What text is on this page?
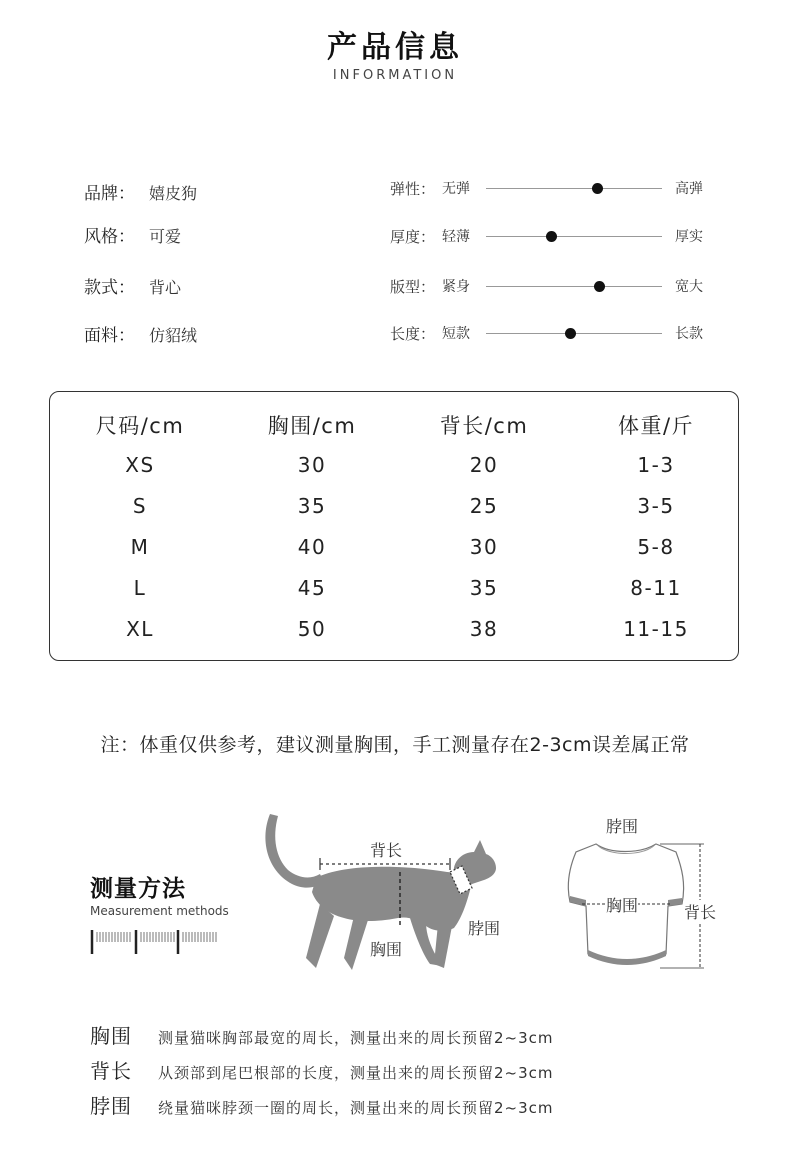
产品信息
INFORMATION
品牌： 嬉皮狗
风格： 可爱
款式： 背心
面料： 仿貂绒
弹性： 无弹	高弹
厚度： 轻薄	厚实
版型： 紧身	宽大
长度： 短款	长款
尺码/cm	胸围/cm	背长/cm	体重/斤
XS	30	20	1-3
S	35	25	3-5
M	40	30	5-8
L	45	35	8-11
XL	50	38	11-15
注：体重仅供参考，建议测量胸围，手工测量存在2-3cm误差属正常
测量方法
Measurement methods
背长
胸围
脖围
脖围
胸围	背长
胸围 测量猫咪胸部最宽的周长，测量出来的周长预留2~3cm
背长 从颈部到尾巴根部的长度，测量出来的周长预留2~3cm
脖围 绕量猫咪脖颈一圈的周长，测量出来的周长预留2~3cm
